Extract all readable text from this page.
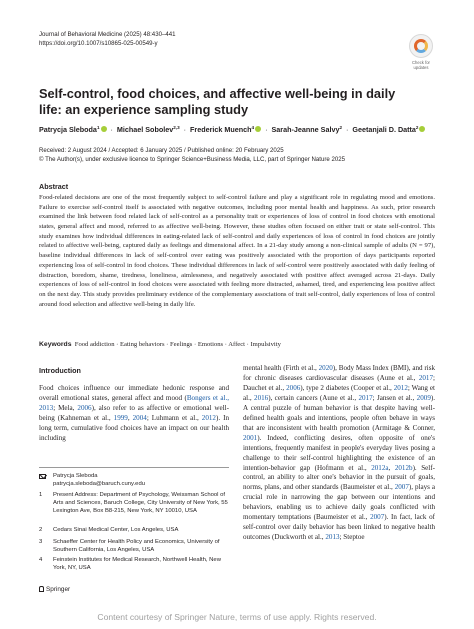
Journal of Behavioral Medicine (2025) 48:430–441
https://doi.org/10.1007/s10865-025-00549-y
Check for
updates
Self-control, food choices, and affective well-being in daily life: an experience sampling study
Patrycja Sleboda$^1$ · Michael Sobolev$^{2,3}$ · Frederick Muench$^4$ · Sarah-Jeanne Salvy$^2$ · Geetanjali D. Datta$^2$
Received: 2 August 2024 / Accepted: 6 January 2025 / Published online: 20 February 2025
© The Author(s), under exclusive licence to Springer Science+Business Media, LLC, part of Springer Nature 2025
Abstract
Food-related decisions are one of the most frequently subject to self-control failure and play a significant role in regulating mood and emotions. Failure to exercise self-control itself is associated with negative outcomes, including poor mental health and happiness. As such, prior research examined the link between food related lack of self-control as a personality trait or experiences of loss of control in food choices with emotional states, general affect and mood, referred to as affective well-being. However, these studies often focused on either trait or state self-control. This study examines how individual differences in eating-related lack of self-control and daily experiences of loss of control in food choices are jointly related to affective well-being, captured daily as feelings and dimensional affect. In a 21-day study among a non-clinical sample of adults (N = 97), baseline individual differences in lack of self-control over eating was positively associated with the proportion of days participants reported experiencing loss of self-control in food choices. These individual differences in lack of self-control were positively associated with daily feeling of distraction, boredom, shame, tiredness, loneliness, aimlessness, and negatively associated with positive affect averaged across 21-days. Daily experiences of loss of self-control in food choices were associated with feeling more distracted, ashamed, tired, and experiencing less positive affect on the next day. This study provides preliminary evidence of the complementary associations of trait self-control, daily experiences of loss of control around food selection and affective well-being in daily life.
Keywords Food addiction · Eating behaviors · Feelings · Emotions · Affect · Impulsivity
Introduction
Food choices influence our immediate hedonic response and overall emotional states, general affect and mood (Bongers et al., 2013; Mela, 2006), also refer to as affective or emotional well-being (Kahneman et al., 1999, 2004; Luhmann et al., 2012). In long term, cumulative food choices have an impact on our health including
mental health (Firth et al., 2020), Body Mass Index (BMI), and risk for chronic diseases cardiovascular diseases (Aune et al., 2017; Dauchet et al., 2006), type 2 diabetes (Cooper et al., 2012; Wang et al., 2016), certain cancers (Aune et al., 2017; Jansen et al., 2009). A central puzzle of human behavior is that despite having well-defined health goals and intentions, people often behave in ways that are inconsistent with health promotion (Armitage & Conner, 2001). Indeed, conflicting desires, often opposite of one's intentions, frequently manifest in people's everyday lives posing a challenge to their self-control highlighting the existence of an intention-behavior gap (Hofmann et al., 2012a, 2012b). Self-control, an ability to alter one's behavior in the pursuit of goals, norms, plans, and other standards (Baumeister et al., 2007), plays a crucial role in narrowing the gap between our intentions and behaviors, enabling us to achieve daily goals conflicted with momentary temptations (Baumeister et al., 2007). In fact, lack of self-control over daily behavior has been linked to negative health outcomes (Duckworth et al., 2013; Steptoe
Patrycja Sleboda
patrycja.sleboda@baruch.cuny.edu
1 Present Address: Department of Psychology, Weissman School of Arts and Sciences, Baruch College, City University of New York, 55 Lexington Ave, Box B8-215, New York, NY 10010, USA
2 Cedars Sinai Medical Center, Los Angeles, USA
3 Schaeffer Center for Health Policy and Economics, University of Southern California, Los Angeles, USA
4 Feinstein Institutes for Medical Research, Northwell Health, New York, NY, USA
Springer
Content courtesy of Springer Nature, terms of use apply. Rights reserved.
